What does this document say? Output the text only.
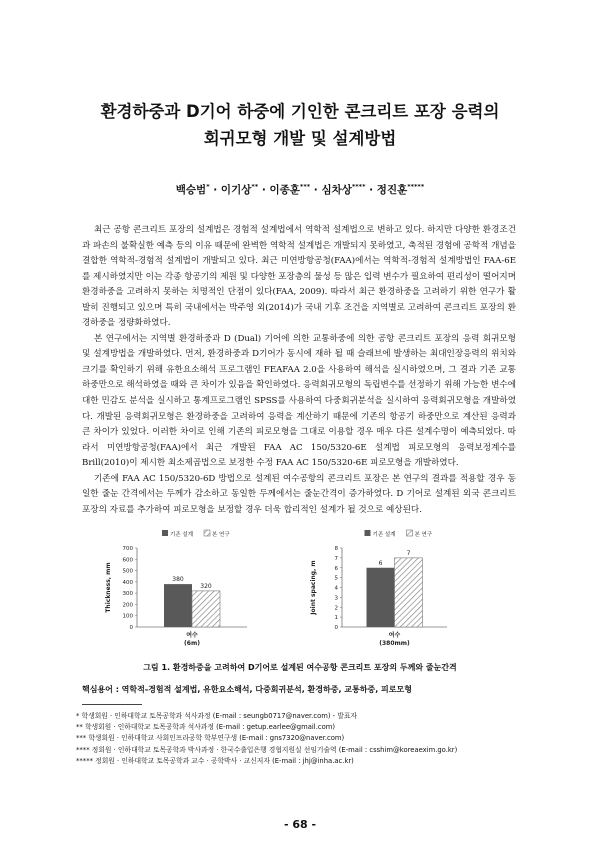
환경하중과 D기어 하중에 기인한 콘크리트 포장 응력의
회귀모형 개발 및 설계방법
백승범* · 이기상** · 이종훈*** · 심차상**** · 정진훈*****

최근 공항 콘크리트 포장의 설계법은 경험적 설계법에서 역학적 설계법으로 변하고 있다. 하지만 다양한 환경조건과 파손의 불확실한 예측 등의 이유 때문에 완벽한 역학적 설계법은 개발되지 못하였고, 축적된 경험에 공학적 개념을 결합한 역학적-경험적 설계법이 개발되고 있다. 최근 미연방항공청(FAA)에서는 역학적-경험적 설계방법인 FAA-6E를 제시하였지만 이는 각종 항공기의 제원 및 다양한 포장층의 물성 등 많은 입력 변수가 필요하여 편리성이 떨어지며 환경하중을 고려하지 못하는 치명적인 단점이 있다(FAA, 2009). 따라서 최근 환경하중을 고려하기 위한 연구가 활발히 진행되고 있으며 특히 국내에서는 박주영 외(2014)가 국내 기후 조건을 지역별로 고려하여 콘크리트 포장의 환경하중을 정량화하였다.

본 연구에서는 지역별 환경하중과 D (Dual) 기어에 의한 교통하중에 의한 공항 콘크리트 포장의 응력 회귀모형 및 설계방법을 개발하였다. 먼저, 환경하중과 D기어가 동시에 재하 될 때 슬래브에 발생하는 최대인장응력의 위치와 크기를 확인하기 위해 유한요소해석 프로그램인 FEAFAA 2.0을 사용하여 해석을 실시하였으며, 그 결과 기존 교통하중만으로 해석하였을 때와 큰 차이가 있음을 확인하였다. 응력회귀모형의 독립변수를 선정하기 위해 가능한 변수에 대한 민감도 분석을 실시하고 통계프로그램인 SPSS를 사용하여 다중회귀분석을 실시하여 응력회귀모형을 개발하였다. 개발된 응력회귀모형은 환경하중을 고려하여 응력을 계산하기 때문에 기존의 항공기 하중만으로 계산된 응력과 큰 차이가 있었다. 이러한 차이로 인해 기존의 피로모형을 그대로 이용할 경우 매우 다른 설계수명이 예측되었다. 따라서 미연방항공청(FAA)에서 최근 개발된 FAA AC 150/5320-6E 설계법 피로모형의 응력보정계수를 Brill(2010)이 제시한 최소제곱법으로 보정한 수정 FAA AC 150/5320-6E 피로모형을 개발하였다.

기존에 FAA AC 150/5320-6D 방법으로 설계된 여수공항의 콘크리트 포장은 본 연구의 결과를 적용할 경우 동일한 줄눈 간격에서는 두께가 감소하고 동일한 두께에서는 줄눈간격이 증가하였다. D 기어로 설계된 외국 콘크리트 포장의 자료를 추가하여 피로모형을 보정할 경우 더욱 합리적인 설계가 될 것으로 예상된다.

기존 설계	본 연구
0
100
200
300
400
500
600
700
Thickness, mm	380
320
여수
(6m)
기존 설계	본 연구
0
1
2
3
4
5
6
7
8
Joint spacing, m	6
7
여수
(380mm)
그림 1. 환경하중을 고려하여 D기어로 설계된 여수공항 콘크리트 포장의 두께와 줄눈간격
핵심용어 : 역학적-경험적 설계법, 유한요소해석, 다중회귀분석, 환경하중, 교통하중, 피로모형
* 학생회원 · 인하대학교 토목공학과 석사과정 (E-mail : seungb0717@naver.com) - 발표자
** 학생회원 · 인하대학교 토목공학과 석사과정 (E-mail : getup.earlee@gmail.com)
*** 학생회원 · 인하대학교 사회인프라공학 학부연구생 (E-mail : gns7320@naver.com)
**** 정회원 · 인하대학교 토목공학과 박사과정 · 한국수출입은행 경협지원실 선임기술역 (E-mail : csshim@koreaexim.go.kr)
***** 정회원 · 인하대학교 토목공학과 교수 · 공학박사 · 교신저자 (E-mail : jhj@inha.ac.kr)
- 68 -
